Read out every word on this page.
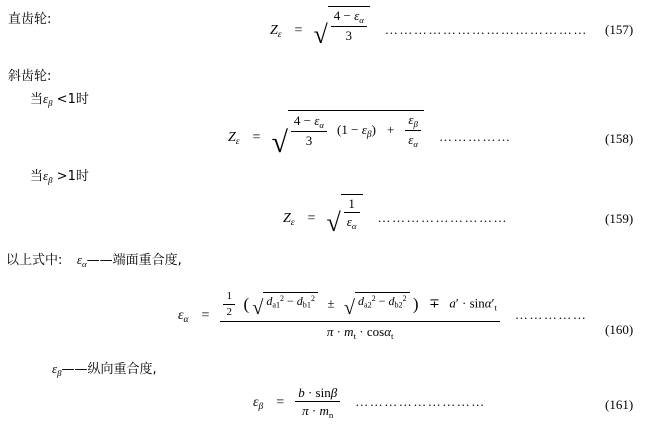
直齿轮:
$Z_\varepsilon$ = √ $\frac{4 - \varepsilon_\alpha}{3}$ …………………………………… (157)
斜齿轮:
当$\varepsilon_\beta <1$时
$Z_\varepsilon$ = √ $\frac{4 - \varepsilon_\alpha}{3} (1 - \varepsilon_\beta) + \frac{\varepsilon_\beta}{\varepsilon_\alpha}$ ……………	(158)
当$\varepsilon_\beta >1$时
$Z_\varepsilon$ = √ $\frac{1}{\varepsilon_\alpha}$ ………………………	(159)
以上式中: $\varepsilon_\alpha——$端面重合度,
$\varepsilon_\alpha = \frac{1}{2}$ ( √ $d_{a1}^2 - d_{b1}^2$ ± √ $d_{a2}^2 - d_{b2}^2$ ) ∓ $a' \cdot \sin\alpha'_t$
$\pi \cdot m_t \cdot \cos\alpha_t$
……………
(160)
$\varepsilon_\beta——$纵向重合度,
$\varepsilon_\beta = \frac{b \cdot \sin\beta}{\pi \cdot m_n}$ ………………………	(161)
